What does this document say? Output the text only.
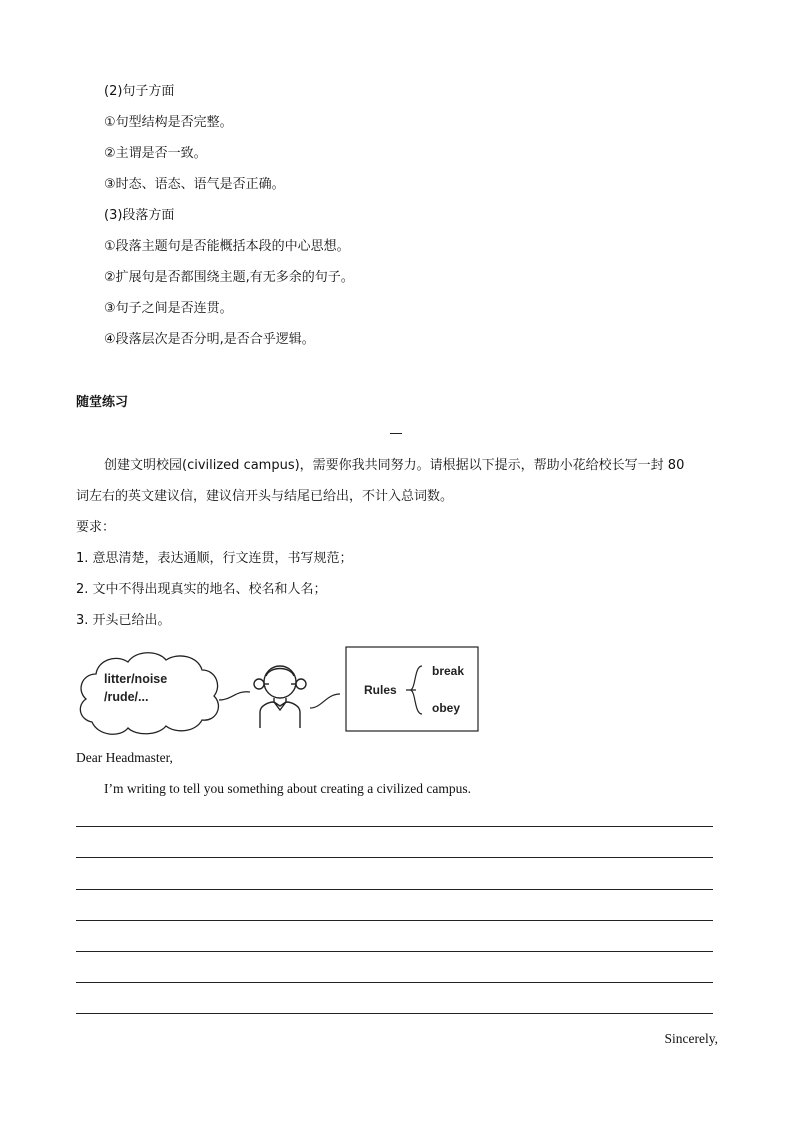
(2)句子方面
①句型结构是否完整。
②主谓是否一致。
③时态、语态、语气是否正确。
(3)段落方面
①段落主题句是否能概括本段的中心思想。
②扩展句是否都围绕主题,有无多余的句子。
③句子之间是否连贯。
④段落层次是否分明,是否合乎逻辑。
随堂练习
创建文明校园(civilized campus)，需要你我共同努力。请根据以下提示，帮助小花给校长写一封 80
词左右的英文建议信，建议信开头与结尾已给出，不计入总词数。
要求：
1. 意思清楚，表达通顺，行文连贯，书写规范；
2. 文中不得出现真实的地名、校名和人名；
3. 开头已给出。
litter/noise
/rude/...	Rules
break
obey
Dear Headmaster,
I’m writing to tell you something about creating a civilized campus.
Sincerely,
